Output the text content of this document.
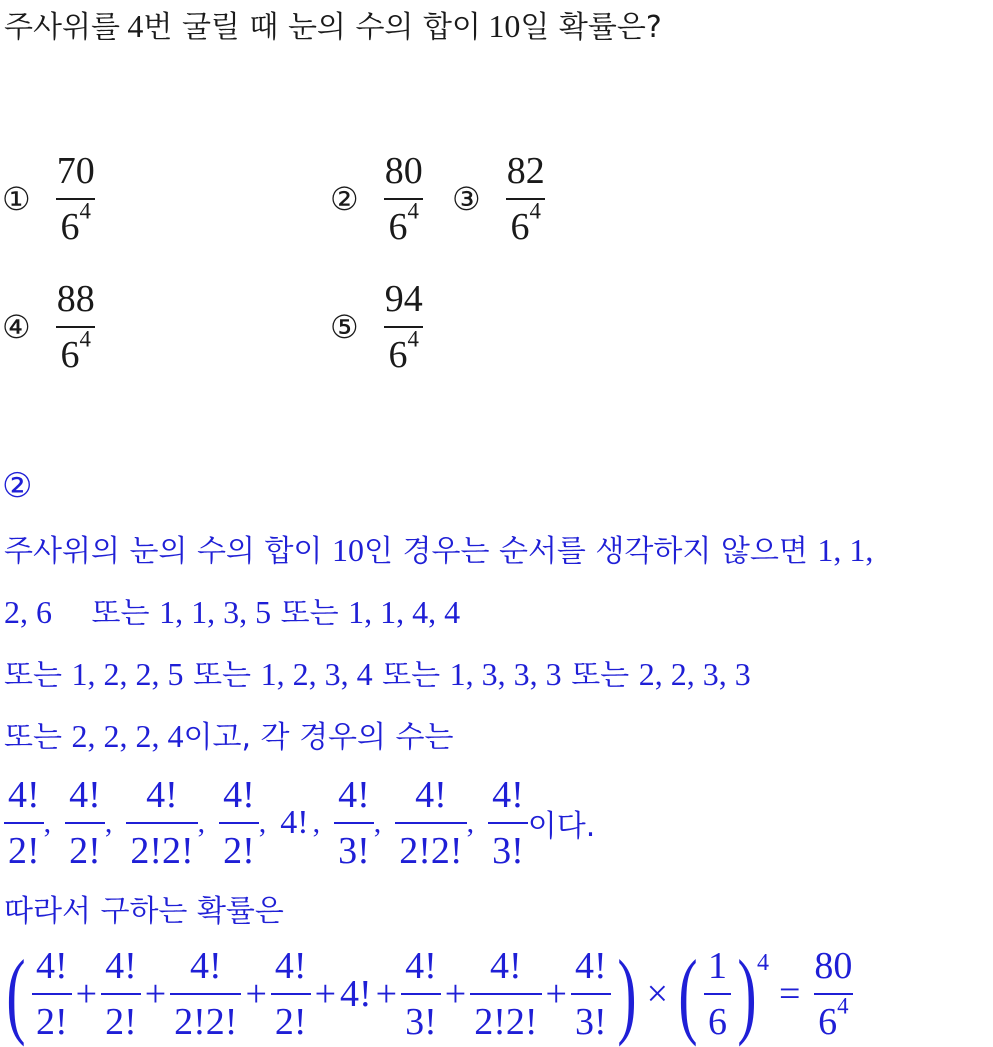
주사위를 4번 굴릴 때 눈의 수의 합이 10일 확률은?
① $\frac{70}{6^4}$	② $\frac{80}{6^4}$ ③ $\frac{82}{6^4}$
④ $\frac{88}{6^4}$	⑤ $\frac{94}{6^4}$
②
주사위의 눈의 수의 합이 10인 경우는 순서를 생각하지 않으면 1, 1,
2, 6 또는 1, 1, 3, 5 또는 1, 1, 4, 4
또는 1, 2, 2, 5 또는 1, 2, 3, 4 또는 1, 3, 3, 3 또는 2, 2, 3, 3
또는 2, 2, 2, 4이고, 각 경우의 수는
$\frac{4!}{2!}$ , $\frac{4!}{2!}$ , $\frac{4!}{2!2!}$ , $\frac{4!}{2!}$ , 4! , $\frac{4!}{3!}$ , $\frac{4!}{2!2!}$ , $\frac{4!}{3!}$ 이다.
따라서 구하는 확률은
( $\frac{4!}{2!} + \frac{4!}{2!} + \frac{4!}{2!2!} + \frac{4!}{2!} + 4$! + $\frac{4!}{3!} + \frac{4!}{2!2!} + \frac{4!}{3!}$ ) × ( $\frac{1}{6}$ ) 4
= $\frac{80}{6^4}$
